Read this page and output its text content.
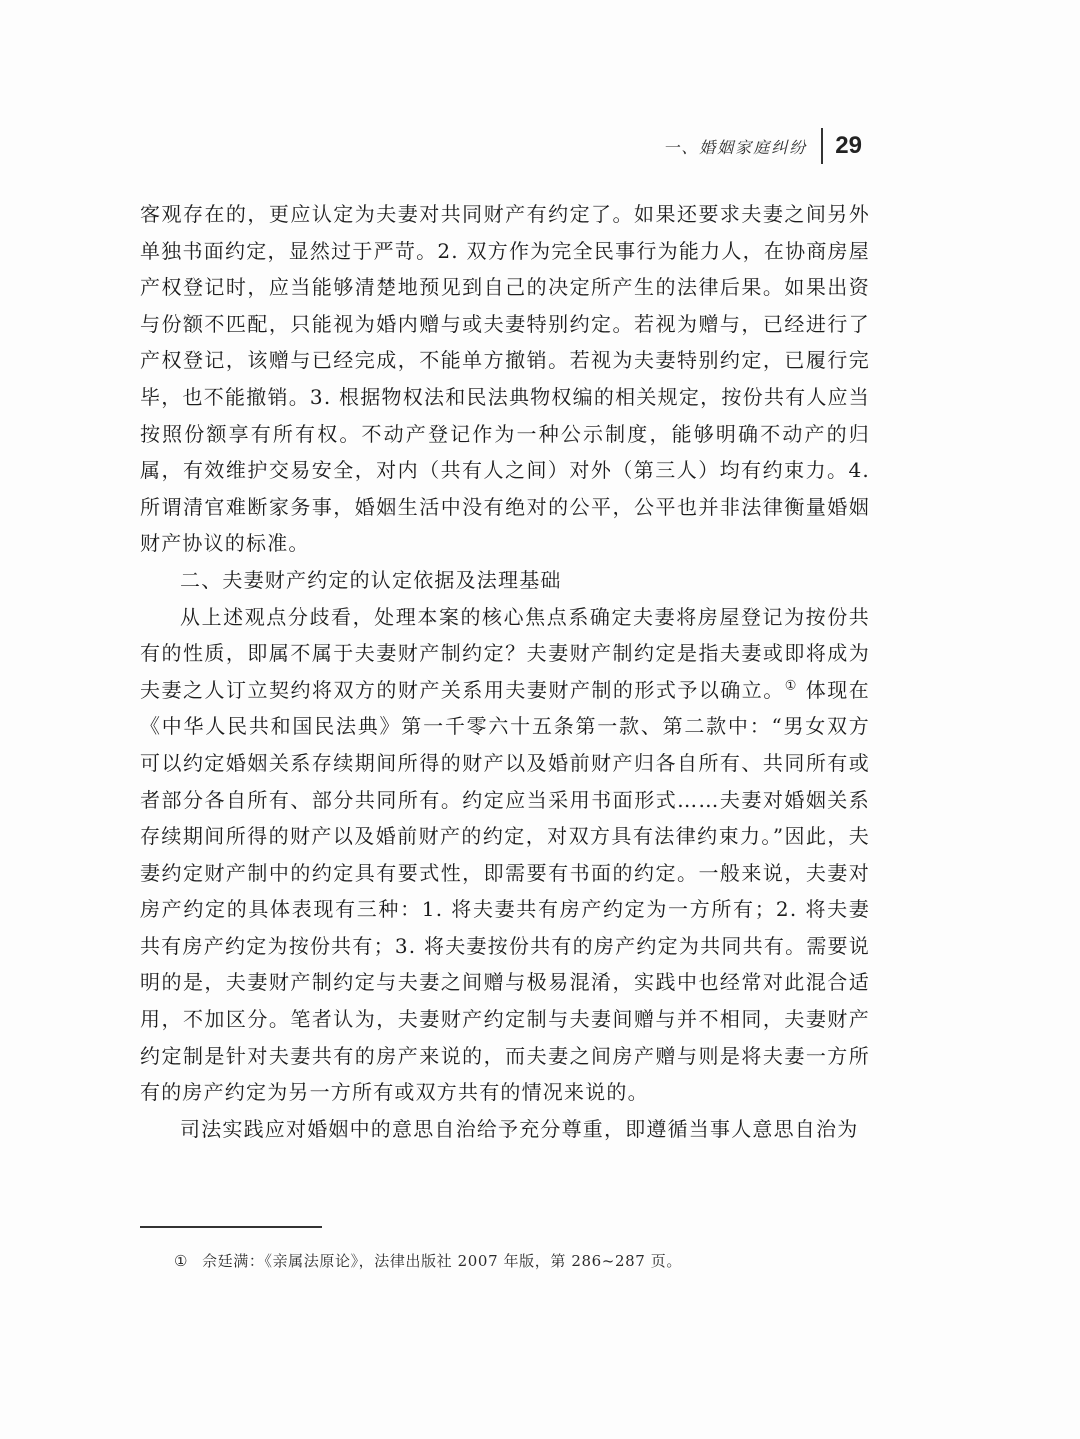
一、婚姻家庭纠纷	29

客观存在的，更应认定为夫妻对共同财产有约定了。如果还要求夫妻之间另外单独书面约定，显然过于严苛。2. 双方作为完全民事行为能力人，在协商房屋产权登记时，应当能够清楚地预见到自己的决定所产生的法律后果。如果出资与份额不匹配，只能视为婚内赠与或夫妻特别约定。若视为赠与，已经进行了产权登记，该赠与已经完成，不能单方撤销。若视为夫妻特别约定，已履行完毕，也不能撤销。3. 根据物权法和民法典物权编的相关规定，按份共有人应当按照份额享有所有权。不动产登记作为一种公示制度，能够明确不动产的归属，有效维护交易安全，对内（共有人之间）对外（第三人）均有约束力。4. 所谓清官难断家务事，婚姻生活中没有绝对的公平，公平也并非法律衡量婚姻财产协议的标准。

二、夫妻财产约定的认定依据及法理基础

从上述观点分歧看，处理本案的核心焦点系确定夫妻将房屋登记为按份共有的性质，即属不属于夫妻财产制约定？夫妻财产制约定是指夫妻或即将成为夫妻之人订立契约将双方的财产关系用夫妻财产制的形式予以确立。① 体现在《中华人民共和国民法典》第一千零六十五条第一款、第二款中：“男女双方可以约定婚姻关系存续期间所得的财产以及婚前财产归各自所有、共同所有或者部分各自所有、部分共同所有。约定应当采用书面形式……夫妻对婚姻关系存续期间所得的财产以及婚前财产的约定，对双方具有法律约束力。”因此，夫妻约定财产制中的约定具有要式性，即需要有书面的约定。一般来说，夫妻对房产约定的具体表现有三种：1. 将夫妻共有房产约定为一方所有；2. 将夫妻共有房产约定为按份共有；3. 将夫妻按份共有的房产约定为共同共有。需要说明的是，夫妻财产制约定与夫妻之间赠与极易混淆，实践中也经常对此混合适用，不加区分。笔者认为，夫妻财产约定制与夫妻间赠与并不相同，夫妻财产约定制是针对夫妻共有的房产来说的，而夫妻之间房产赠与则是将夫妻一方所有的房产约定为另一方所有或双方共有的情况来说的。

司法实践应对婚姻中的意思自治给予充分尊重，即遵循当事人意思自治为

① 佘廷满：《亲属法原论》，法律出版社 2007 年版，第 286~287 页。
